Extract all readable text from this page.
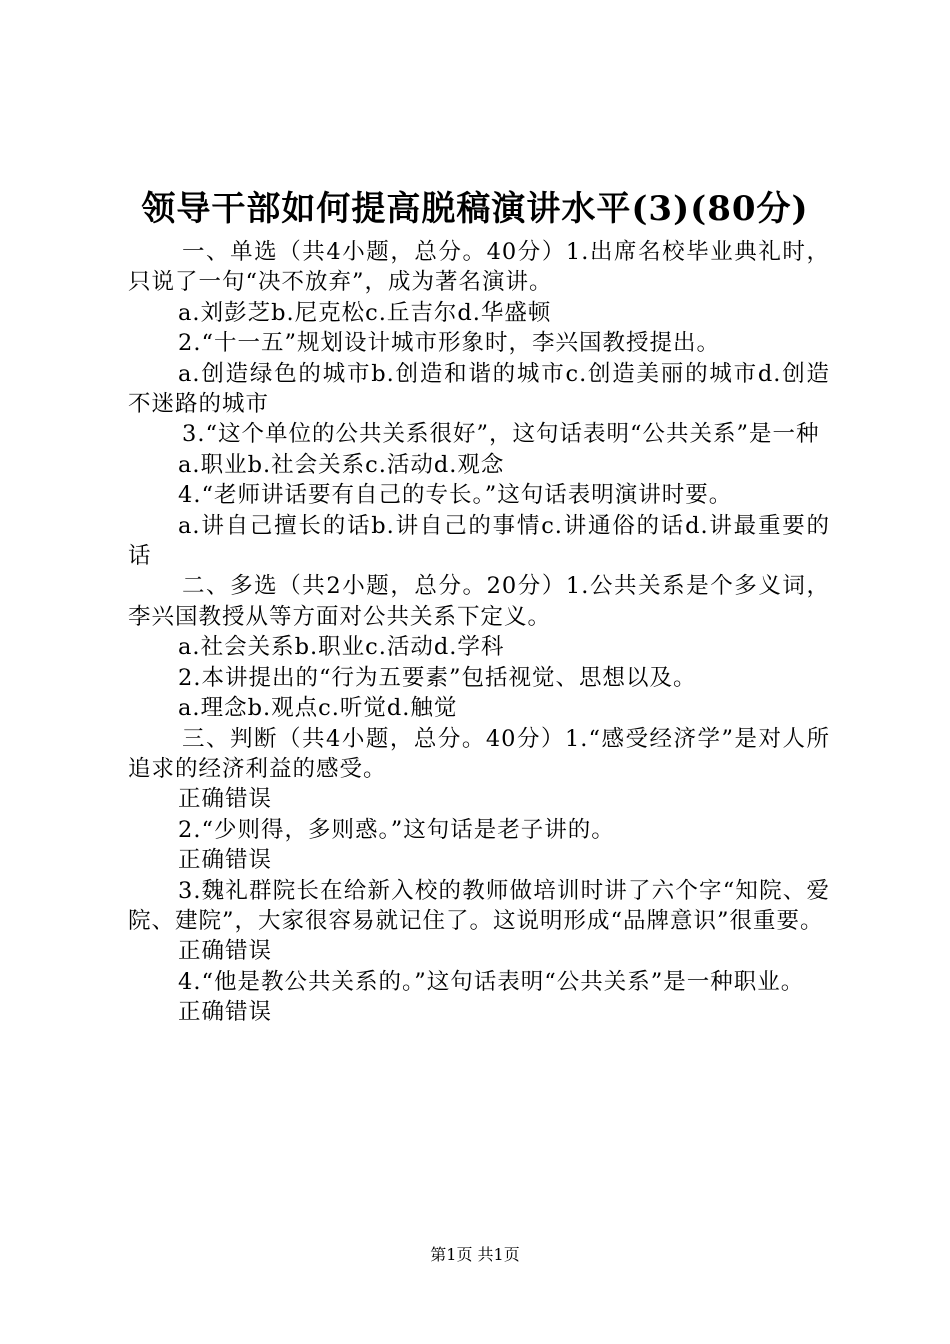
领导干部如何提高脱稿演讲水平(3)(80分)

一、单选（共4小题，总分。40分）1.出席名校毕业典礼时，只说了一句“决不放弃”，成为著名演讲。

a.刘彭芝b.尼克松c.丘吉尔d.华盛顿

2.“十一五”规划设计城市形象时，李兴国教授提出。

a.创造绿色的城市b.创造和谐的城市c.创造美丽的城市d.创造不迷路的城市

3.“这个单位的公共关系很好”，这句话表明“公共关系”是一种

a.职业b.社会关系c.活动d.观念

4.“老师讲话要有自己的专长。”这句话表明演讲时要。

a.讲自己擅长的话b.讲自己的事情c.讲通俗的话d.讲最重要的话

二、多选（共2小题，总分。20分）1.公共关系是个多义词，李兴国教授从等方面对公共关系下定义。

a.社会关系b.职业c.活动d.学科

2.本讲提出的“行为五要素”包括视觉、思想以及。

a.理念b.观点c.听觉d.触觉

三、判断（共4小题，总分。40分）1.“感受经济学”是对人所追求的经济利益的感受。

正确错误

2.“少则得，多则惑。”这句话是老子讲的。

正确错误

3.魏礼群院长在给新入校的教师做培训时讲了六个字“知院、爱院、建院”，大家很容易就记住了。这说明形成“品牌意识”很重要。

正确错误

4.“他是教公共关系的。”这句话表明“公共关系”是一种职业。

正确错误

第1页 共1页
